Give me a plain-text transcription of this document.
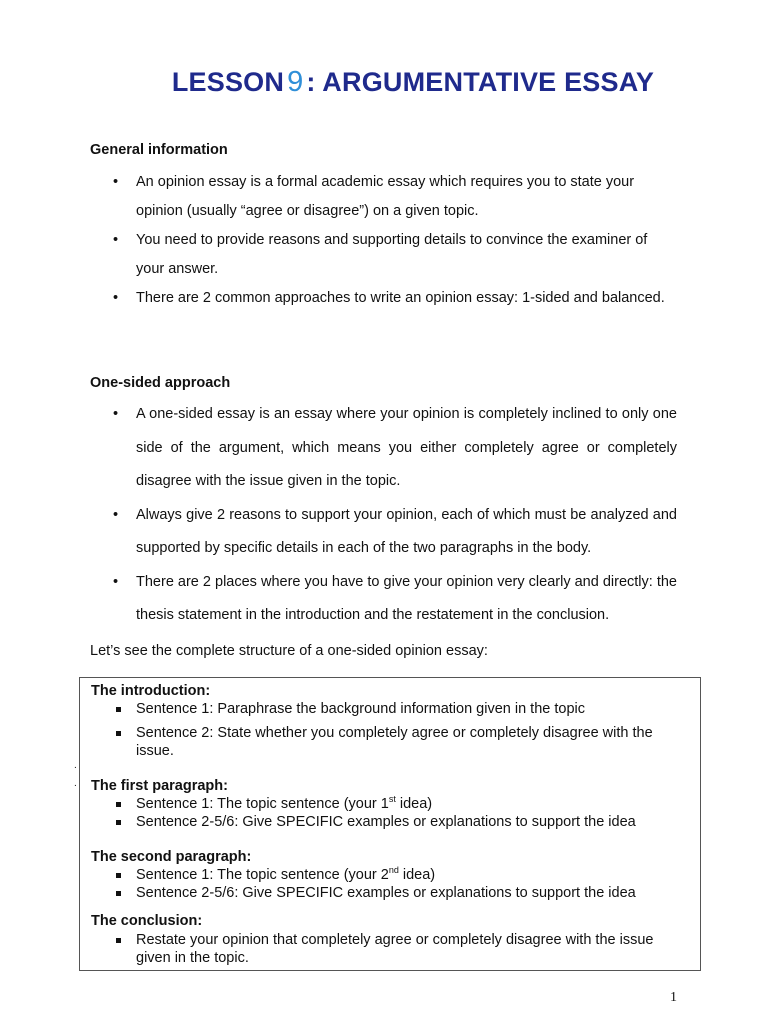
LESSON 9 : ARGUMENTATIVE ESSAY
General information
• An opinion essay is a formal academic essay which requires you to state your opinion (usually “agree or disagree”) on a given topic.
• You need to provide reasons and supporting details to convince the examiner of your answer.
• There are 2 common approaches to write an opinion essay: 1-sided and balanced.
One-sided approach
• A one-sided essay is an essay where your opinion is completely inclined to only one side of the argument, which means you either completely agree or completely disagree with the issue given in the topic.
• Always give 2 reasons to support your opinion, each of which must be analyzed and supported by specific details in each of the two paragraphs in the body.
• There are 2 places where you have to give your opinion very clearly and directly: the thesis statement in the introduction and the restatement in the conclusion.
Let’s see the complete structure of a one-sided opinion essay:
The introduction:
Sentence 1: Paraphrase the background information given in the topic
Sentence 2: State whether you completely agree or completely disagree with the issue.
The first paragraph:
Sentence 1: The topic sentence (your 1st idea)
Sentence 2-5/6: Give SPECIFIC examples or explanations to support the idea
The second paragraph:
Sentence 1: The topic sentence (your 2nd idea)
Sentence 2-5/6: Give SPECIFIC examples or explanations to support the idea
The conclusion:
Restate your opinion that completely agree or completely disagree with the issue given in the topic.
.
.
1
